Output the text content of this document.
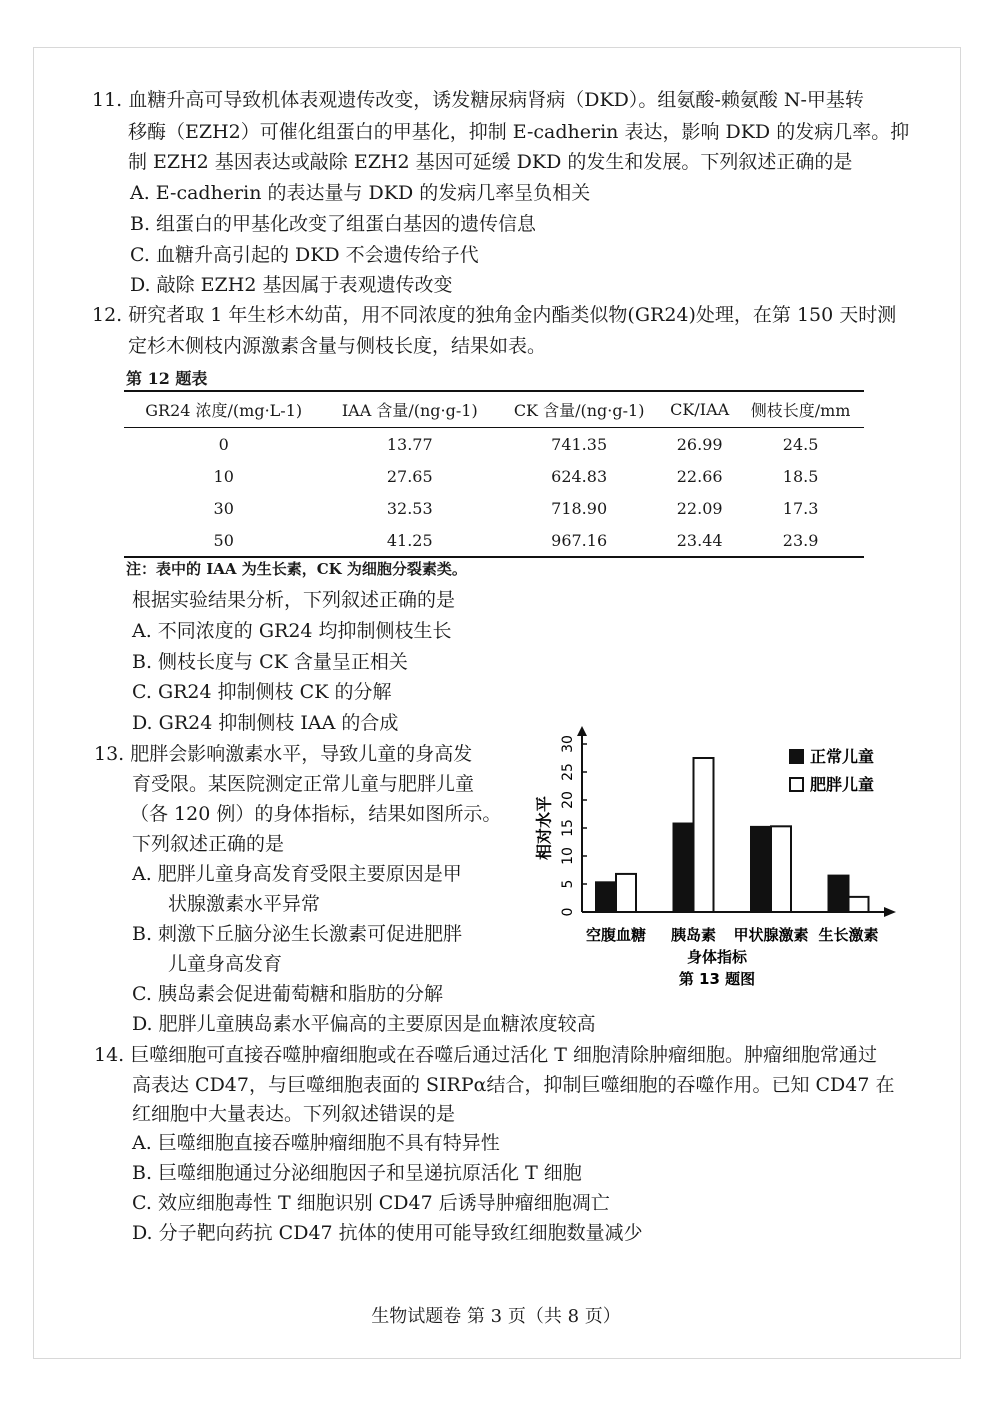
11. 血糖升高可导致机体表观遗传改变，诱发糖尿病肾病（DKD）。组氨酸-赖氨酸 N-甲基转
移酶（EZH2）可催化组蛋白的甲基化，抑制 E-cadherin 表达，影响 DKD 的发病几率。抑
制 EZH2 基因表达或敲除 EZH2 基因可延缓 DKD 的发生和发展。下列叙述正确的是
A. E-cadherin 的表达量与 DKD 的发病几率呈负相关
B. 组蛋白的甲基化改变了组蛋白基因的遗传信息
C. 血糖升高引起的 DKD 不会遗传给子代
D. 敲除 EZH2 基因属于表观遗传改变
12. 研究者取 1 年生杉木幼苗，用不同浓度的独角金内酯类似物(GR24)处理，在第 150 天时测
定杉木侧枝内源激素含量与侧枝长度，结果如表。
第 12 题表
GR24 浓度/(mg·L-1)	IAA 含量/(ng·g-1)	CK 含量/(ng·g-1)	CK/IAA	侧枝长度/mm
0	13.77	741.35	26.99	24.5
10	27.65	624.83	22.66	18.5
30	32.53	718.90	22.09	17.3
50	41.25	967.16	23.44	23.9
注：表中的 IAA 为生长素，CK 为细胞分裂素类。
根据实验结果分析，下列叙述正确的是
A. 不同浓度的 GR24 均抑制侧枝生长
B. 侧枝长度与 CK 含量呈正相关
C. GR24 抑制侧枝 CK 的分解
D. GR24 抑制侧枝 IAA 的合成
13. 肥胖会影响激素水平，导致儿童的身高发
育受限。某医院测定正常儿童与肥胖儿童
（各 120 例）的身体指标，结果如图所示。
下列叙述正确的是
A. 肥胖儿童身高发育受限主要原因是甲
状腺激素水平异常
B. 刺激下丘脑分泌生长激素可促进肥胖
儿童身高发育
C. 胰岛素会促进葡萄糖和脂肪的分解
D. 肥胖儿童胰岛素水平偏高的主要原因是血糖浓度较高
0
5
10
15
20
25
30
相对水平
空腹血糖 胰岛素 甲状腺激素 生长激素
身体指标
第 13 题图
正常儿童
肥胖儿童
14. 巨噬细胞可直接吞噬肿瘤细胞或在吞噬后通过活化 T 细胞清除肿瘤细胞。肿瘤细胞常通过
高表达 CD47，与巨噬细胞表面的 SIRPα结合，抑制巨噬细胞的吞噬作用。已知 CD47 在
红细胞中大量表达。下列叙述错误的是
A. 巨噬细胞直接吞噬肿瘤细胞不具有特异性
B. 巨噬细胞通过分泌细胞因子和呈递抗原活化 T 细胞
C. 效应细胞毒性 T 细胞识别 CD47 后诱导肿瘤细胞凋亡
D. 分子靶向药抗 CD47 抗体的使用可能导致红细胞数量减少
生物试题卷 第 3 页（共 8 页）
